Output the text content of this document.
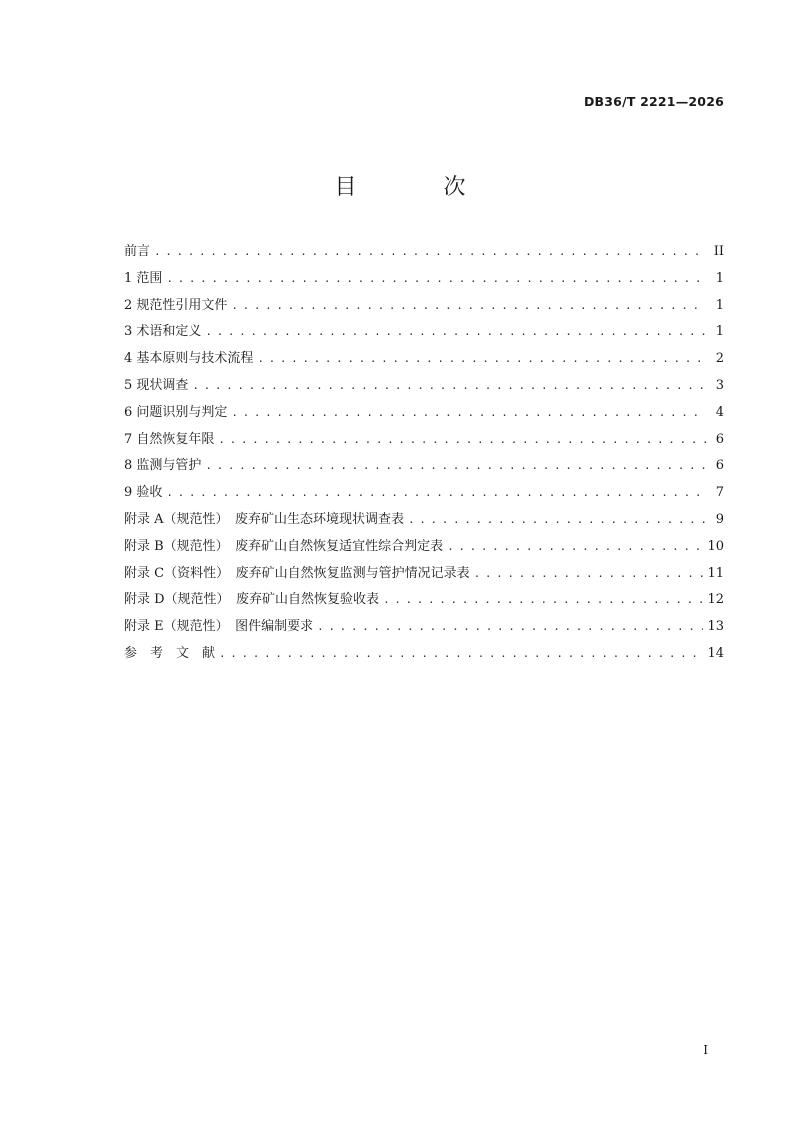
DB36/T 2221—2026
目 次
前言 . . .	II
1 范围 . . .	1
2 规范性引用文件 . . .	1
3 术语和定义 . . .	1
4 基本原则与技术流程 . . .	2
5 现状调查 . . .	3
6 问题识别与判定 . . .	4
7 自然恢复年限 . . .	6
8 监测与管护 . . .	6
9 验收 . . .	7
附录 A（规范性）　废弃矿山生态环境现状调查表 . . .	9
附录 B（规范性）　废弃矿山自然恢复适宜性综合判定表 . . .	10
附录 C（资料性）　废弃矿山自然恢复监测与管护情况记录表 . . .	11
附录 D（规范性）　废弃矿山自然恢复验收表 . . .	12
附录 E（规范性）　图件编制要求 . . .	13
参　考　文　献 . . .	14
I
